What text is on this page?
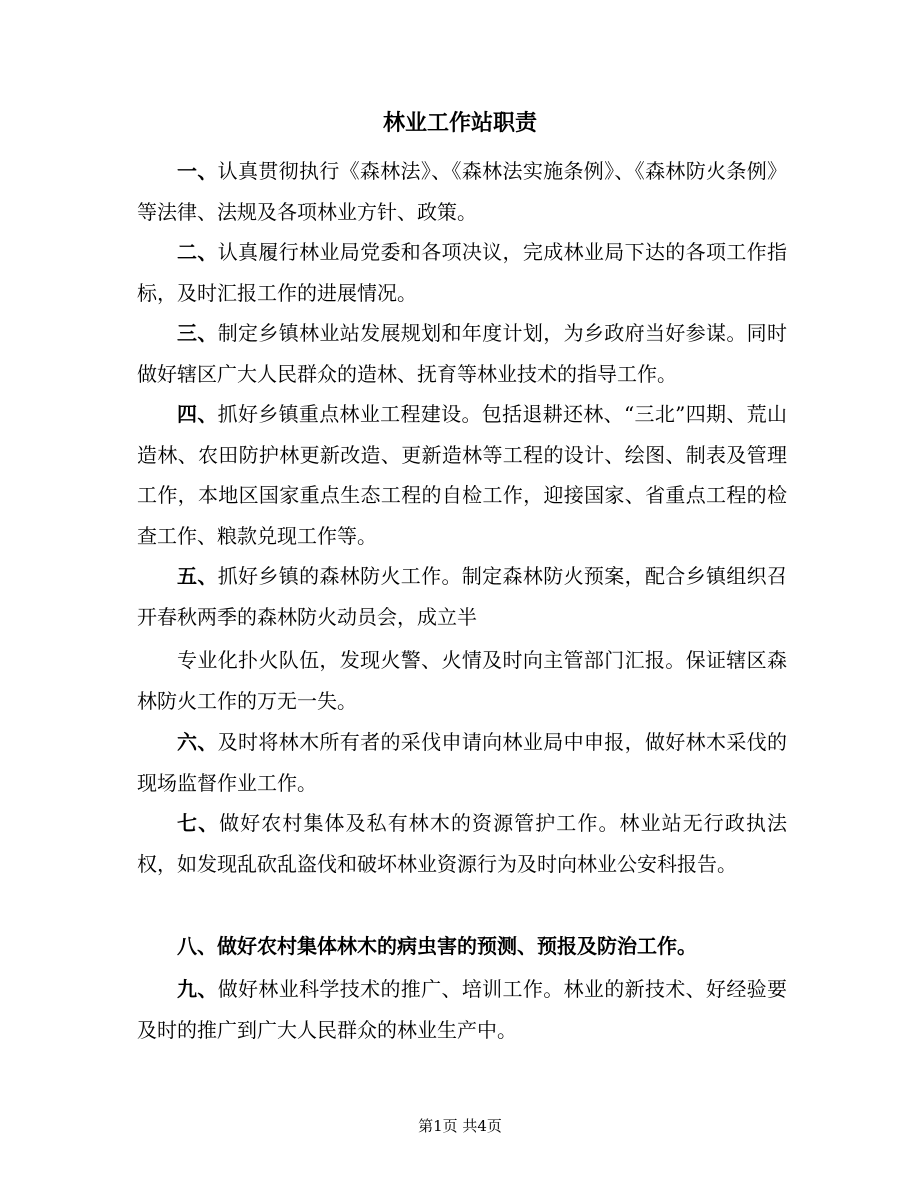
林业工作站职责

一、认真贯彻执行《森林法》、《森林法实施条例》、《森林防火条例》等法律、法规及各项林业方针、政策。

二、认真履行林业局党委和各项决议，完成林业局下达的各项工作指标，及时汇报工作的进展情况。

三、制定乡镇林业站发展规划和年度计划，为乡政府当好参谋。同时做好辖区广大人民群众的造林、抚育等林业技术的指导工作。

四、抓好乡镇重点林业工程建设。包括退耕还林、“三北”四期、荒山造林、农田防护林更新改造、更新造林等工程的设计、绘图、制表及管理工作，本地区国家重点生态工程的自检工作，迎接国家、省重点工程的检查工作、粮款兑现工作等。

五、抓好乡镇的森林防火工作。制定森林防火预案，配合乡镇组织召开春秋两季的森林防火动员会，成立半

专业化扑火队伍，发现火警、火情及时向主管部门汇报。保证辖区森林防火工作的万无一失。

六、及时将林木所有者的采伐申请向林业局中申报，做好林木采伐的现场监督作业工作。

七、做好农村集体及私有林木的资源管护工作。林业站无行政执法权，如发现乱砍乱盗伐和破坏林业资源行为及时向林业公安科报告。

八、做好农村集体林木的病虫害的预测、预报及防治工作。

九、做好林业科学技术的推广、培训工作。林业的新技术、好经验要及时的推广到广大人民群众的林业生产中。

第1页 共4页
